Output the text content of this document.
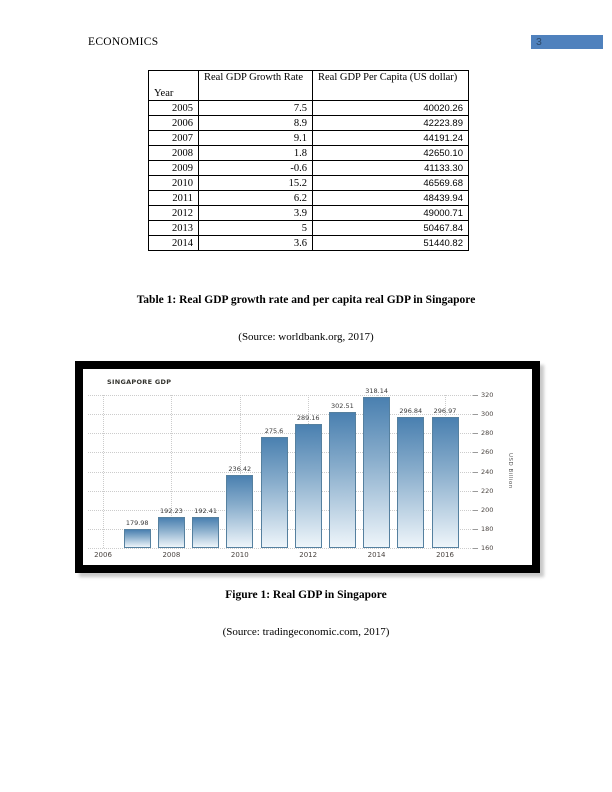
ECONOMICS	3
Year	Real GDP Growth Rate	Real GDP Per Capita (US dollar)
2005	7.5	40020.26
2006	8.9	42223.89
2007	9.1	44191.24
2008	1.8	42650.10
2009	-0.6	41133.30
2010	15.2	46569.68
2011	6.2	48439.94
2012	3.9	49000.71
2013	5	50467.84
2014	3.6	51440.82
Table 1: Real GDP growth rate and per capita real GDP in Singapore
(Source: worldbank.org, 2017)
SINGAPORE GDP
USD Billion
160
180
200
220
240
260
280
300
320
2006	2008	2010	2012	2014	2016
179.98
192.23	192.41
236.42
275.6
289.16
302.51
318.14
296.84	296.97
Figure 1: Real GDP in Singapore
(Source: tradingeconomic.com, 2017)
